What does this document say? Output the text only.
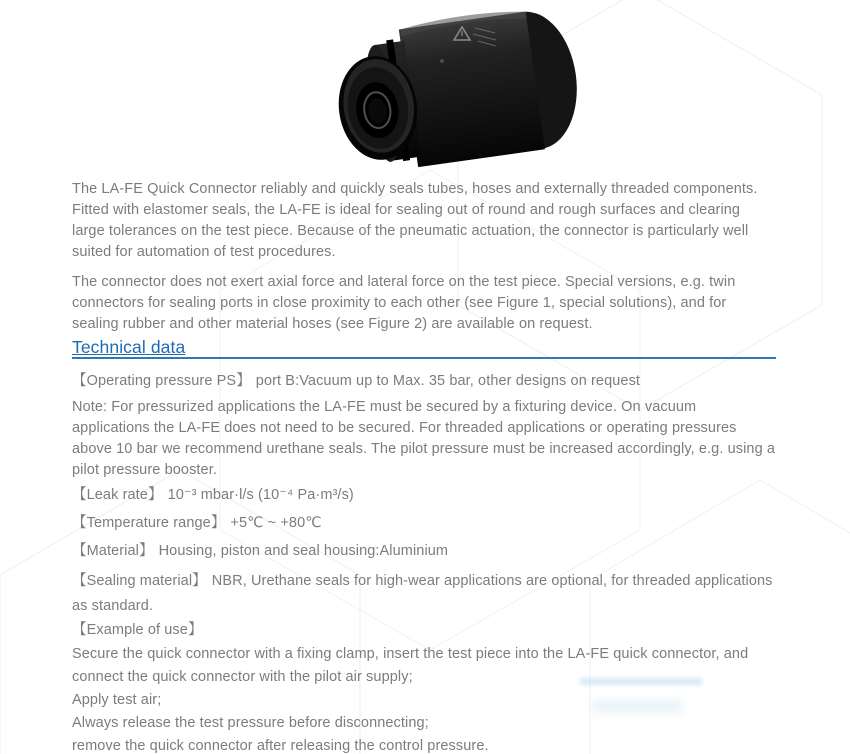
The LA-FE Quick Connector reliably and quickly seals tubes, hoses and externally threaded components. Fitted with elastomer seals, the LA-FE is ideal for sealing out of round and rough surfaces and clearing large tolerances on the test piece. Because of the pneumatic actuation, the connector is particularly well suited for automation of test procedures.

The connector does not exert axial force and lateral force on the test piece. Special versions, e.g. twin connectors for sealing ports in close proximity to each other (see Figure 1, special solutions), and for sealing rubber and other material hoses (see Figure 2) are available on request.

Technical data

【Operating pressure PS】 port B:Vacuum up to Max. 35 bar, other designs on request

Note: For pressurized applications the LA-FE must be secured by a fixturing device. On vacuum applications the LA-FE does not need to be secured. For threaded applications or operating pressures above 10 bar we recommend urethane seals. The pilot pressure must be increased accordingly, e.g. using a pilot pressure booster.

【Leak rate】 10⁻³ mbar·l/s (10⁻⁴ Pa·m³/s)

【Temperature range】 +5℃ ~ +80℃

【Material】 Housing, piston and seal housing:Aluminium

【Sealing material】 NBR, Urethane seals for high-wear applications are optional, for threaded applications as standard.

【Example of use】

Secure the quick connector with a fixing clamp, insert the test piece into the LA-FE quick connector, and connect the quick connector with the pilot air supply;

Apply test air;

Always release the test pressure before disconnecting;

remove the quick connector after releasing the control pressure.
